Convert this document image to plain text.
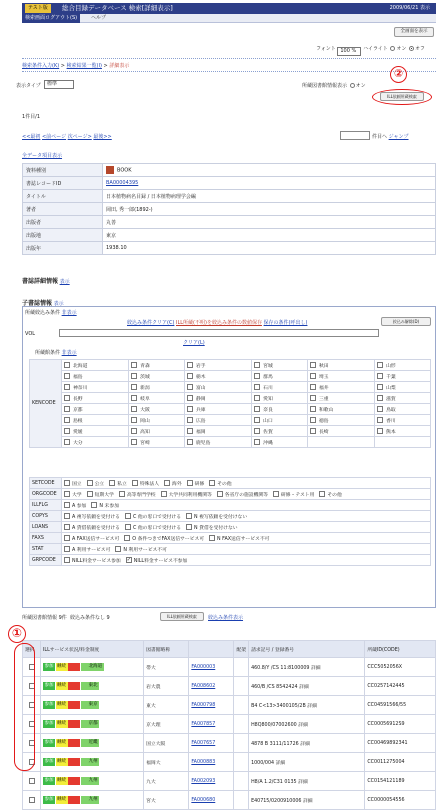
テスト版	総合目録データベース 検索[詳細表示]	2009/06/21 表示
検索画面ログアウト(S)	ヘルプ
全画面を表示
フォント 100 % ハイライト オン オフ
検索条件入力(K) > 検索結果一覧(I) > 詳細表示
表示タイプ	標準	所蔵図書館情報表示 オン
②
ILL依頼所蔵検索
1件目/1
<<最初 <前ページ 次ページ> 最後>>	件目へ ジャンプ
全データ項目表示
資料種別	BOOK
書誌レコードID	BA00004395
タイトル	日本植物病名目録 / 日本植物病理学会編
著者	岡田, 秀一郎(1892-)
出版者	丸善
出版地	東京
出版年	1938.10
書誌詳細情報 表示
子書誌情報 表示
所蔵絞込み条件 非表示
絞込み条件クリア(C) ILL所蔵(不明)を絞込み条件の数値保存 保存の条件(呼出し)	絞込み解除(D)
VOL
クリア(L)
所蔵館条件 非表示
KENCODE	北海道	青森	岩手	宮城	秋田	山形
	福島	茨城	栃木	群馬	埼玉	千葉
	神奈川	新潟	富山	石川	福井	山梨
	長野	岐阜	静岡	愛知	三重	滋賀
	京都	大阪	兵庫	奈良	和歌山	鳥取
	島根	岡山	広島	山口	徳島	香川
	愛媛	高知	福岡	佐賀	長崎	熊本
	大分	宮崎	鹿児島	沖縄		
SETCODE	国立 公立 私立 特殊法人 海外 研修 その他
ORGCODE	大学 短期大学 高等専門学校 大学共同利用機関等 各省庁の施設機関等 研修・テスト用 その他
ILLFLG	A 参加 N 未参加
COPYS	A 複写依頼を受付ける C 他の窓口で受付ける N 複写依頼を受付けない
LOANS	A 貸借依頼を受付ける C 他の窓口で受付ける N 貸借を受付けない
FAXS	A FAX送信サービス可 O 条件つきでFAX送信サービス可 N FAX送信サービス不可
STAT	A 利用サービス可 N 利用サービス不可
GRPCODE	NILL料金サービス参加 ✓ NILL料金サービス不参加
所蔵図書館情報 9件 絞込み条件なし 9	ILL依頼所蔵検索	絞込み条件表示
選択	ILLサービス状況/料金制度	図書館略称		配架	請求記号 / 登録番号	所蔵ID(CODE)
	参加 継続 北海道	帯大	FA000003		460.8/Y /CS 11:8100009 詳細	CCC5052056X
	参加 継続 東北	岩大農	FA008602		460/B /CS 8542424 詳細	CC0257142445
	参加 継続 東京	東大	FA000798		B4 C<13>3400105/2B 詳細	CC04591566/55
	参加 継続 京都	京大理	FA007857		H8Q800/07002600 詳細	CC00056912S9
	参加 継続 近畿	国立大阪	FA007657		4878 B 3111/11726 詳細	CC00469892341
	参加 継続 九州	福岡大	FA000883		1000/004 詳細	CC0011275004
	参加 継続 九州	九大	FA002093		H8/A 1.2/C31 0135 詳細	CC0154121189
	参加 継続 九州	宮大	FA000680		E40715/0200910006 詳細	CC0000054556
①
